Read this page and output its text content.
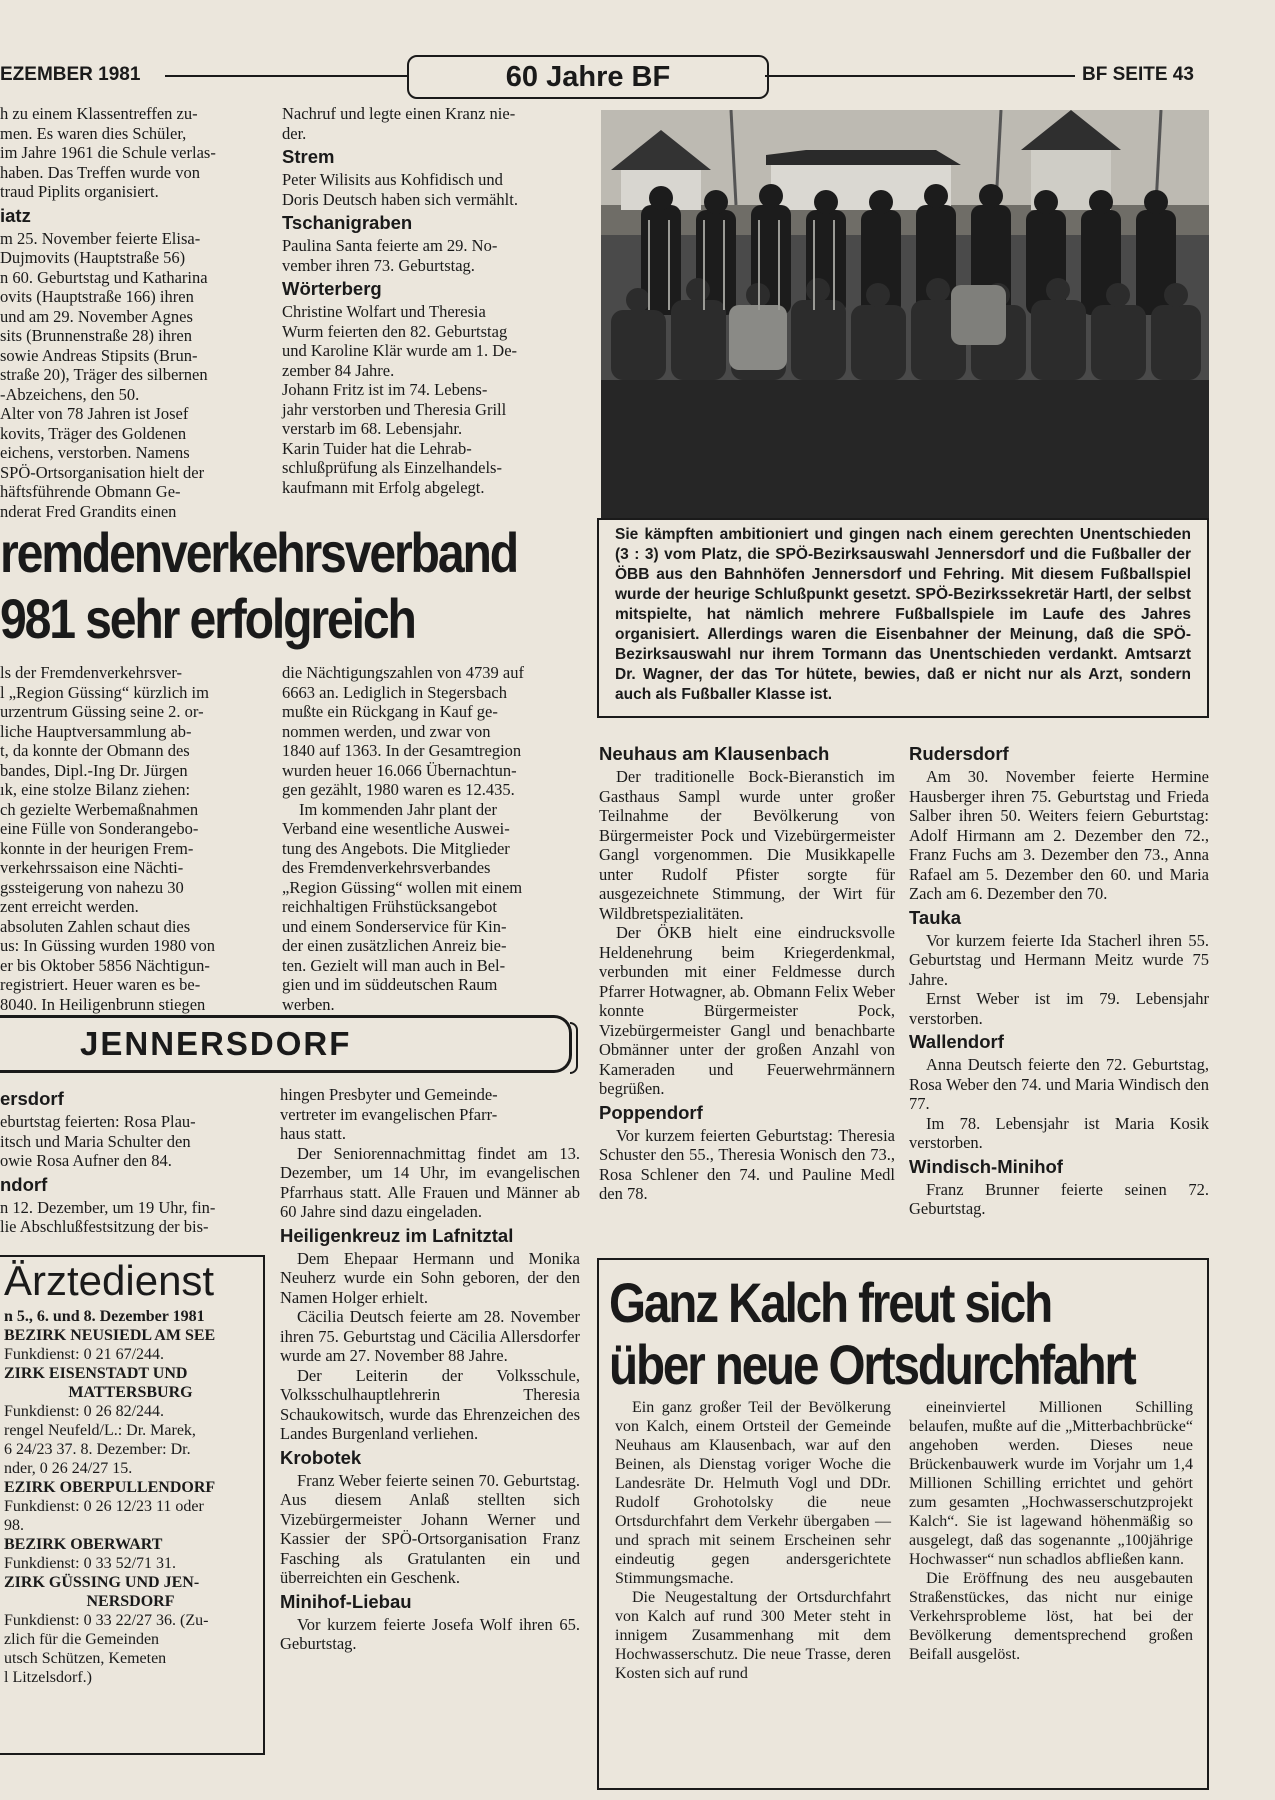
EZEMBER 1981	60 Jahre BF	BF SEITE 43

h zu einem Klassentreffen zu-

men. Es waren dies Schüler,

im Jahre 1961 die Schule verlas-

haben. Das Treffen wurde von

traud Piplits organisiert.

iatz

m 25. November feierte Elisa-

Dujmovits (Hauptstraße 56)

n 60. Geburtstag und Katharina

ovits (Hauptstraße 166) ihren

und am 29. November Agnes

sits (Brunnenstraße 28) ihren

sowie Andreas Stipsits (Brun-

straße 20), Träger des silbernen

-Abzeichens, den 50.

Alter von 78 Jahren ist Josef

kovits, Träger des Goldenen

eichens, verstorben. Namens

SPÖ-Ortsorganisation hielt der

häftsführende Obmann Ge-

nderat Fred Grandits einen

Nachruf und legte einen Kranz nie-

der.

Strem

Peter Wilisits aus Kohfidisch und

Doris Deutsch haben sich vermählt.

Tschanigraben

Paulina Santa feierte am 29. No-

vember ihren 73. Geburtstag.

Wörterberg

Christine Wolfart und Theresia

Wurm feierten den 82. Geburtstag

und Karoline Klär wurde am 1. De-

zember 84 Jahre.

Johann Fritz ist im 74. Lebens-

jahr verstorben und Theresia Grill

verstarb im 68. Lebensjahr.

Karin Tuider hat die Lehrab-

schlußprüfung als Einzelhandels-

kaufmann mit Erfolg abgelegt.

Sie kämpften ambitioniert und gingen nach einem gerechten Unentschieden (3 : 3) vom Platz, die SPÖ-Bezirksauswahl Jennersdorf und die Fußballer der ÖBB aus den Bahnhöfen Jennersdorf und Fehring. Mit diesem Fußballspiel wurde der heurige Schlußpunkt gesetzt. SPÖ-Bezirkssekretär Hartl, der selbst mitspielte, hat nämlich mehrere Fußballspiele im Laufe des Jahres organisiert. Allerdings waren die Eisenbahner der Meinung, daß die SPÖ-Bezirksauswahl nur ihrem Tormann das Unentschieden verdankt. Amtsarzt Dr. Wagner, der das Tor hütete, bewies, daß er nicht nur als Arzt, sondern auch als Fußballer Klasse ist.
remdenverkehrsverband
981 sehr erfolgreich

ls der Fremdenverkehrsver-

l „Region Güssing“ kürzlich im

urzentrum Güssing seine 2. or-

liche Hauptversammlung ab-

t, da konnte der Obmann des

bandes, Dipl.-Ing Dr. Jürgen

ık, eine stolze Bilanz ziehen:

ch gezielte Werbemaßnahmen

eine Fülle von Sonderangebo-

konnte in der heurigen Frem-

verkehrssaison eine Nächti-

gssteigerung von nahezu 30

zent erreicht werden.

absoluten Zahlen schaut dies

us: In Güssing wurden 1980 von

er bis Oktober 5856 Nächtigun-

registriert. Heuer waren es be-

8040. In Heiligenbrunn stiegen

die Nächtigungszahlen von 4739 auf

6663 an. Lediglich in Stegersbach

mußte ein Rückgang in Kauf ge-

nommen werden, und zwar von

1840 auf 1363. In der Gesamtregion

wurden heuer 16.066 Übernachtun-

gen gezählt, 1980 waren es 12.435.

Im kommenden Jahr plant der

Verband eine wesentliche Auswei-

tung des Angebots. Die Mitglieder

des Fremdenverkehrsverbandes

„Region Güssing“ wollen mit einem

reichhaltigen Frühstücksangebot

und einem Sonderservice für Kin-

der einen zusätzlichen Anreiz bie-

ten. Gezielt will man auch in Bel-

gien und im süddeutschen Raum

werben.

Neuhaus am Klausenbach

Der traditionelle Bock-Bieranstich im Gasthaus Sampl wurde unter großer Teilnahme der Bevölkerung von Bürgermeister Pock und Vizebürgermeister Gangl vorgenommen. Die Musikkapelle unter Rudolf Pfister sorgte für ausgezeichnete Stimmung, der Wirt für Wildbretspezialitäten.

Der ÖKB hielt eine eindrucksvolle Heldenehrung beim Kriegerdenkmal, verbunden mit einer Feldmesse durch Pfarrer Hotwagner, ab. Obmann Felix Weber konnte Bürgermeister Pock, Vizebürgermeister Gangl und benachbarte Obmänner unter der großen Anzahl von Kameraden und Feuerwehrmännern begrüßen.

Poppendorf

Vor kurzem feierten Geburtstag: Theresia Schuster den 55., Theresia Wonisch den 73., Rosa Schlener den 74. und Pauline Medl den 78.

Rudersdorf

Am 30. November feierte Hermine Hausberger ihren 75. Geburtstag und Frieda Salber ihren 50. Weiters feiern Geburtstag: Adolf Hirmann am 2. Dezember den 72., Franz Fuchs am 3. Dezember den 73., Anna Rafael am 5. Dezember den 60. und Maria Zach am 6. Dezember den 70.

Tauka

Vor kurzem feierte Ida Stacherl ihren 55. Geburtstag und Hermann Meitz wurde 75 Jahre.

Ernst Weber ist im 79. Lebensjahr verstorben.

Wallendorf

Anna Deutsch feierte den 72. Geburtstag, Rosa Weber den 74. und Maria Windisch den 77.

Im 78. Lebensjahr ist Maria Kosik verstorben.

Windisch-Minihof

Franz Brunner feierte seinen 72. Geburtstag.

JENNERSDORF

ersdorf

eburtstag feierten: Rosa Plau-

itsch und Maria Schulter den

owie Rosa Aufner den 84.

ndorf

n 12. Dezember, um 19 Uhr, fin-

lie Abschlußfestsitzung der bis-

Ärztedienst
n 5., 6. und 8. Dezember 1981
BEZIRK NEUSIEDL AM SEE
Funkdienst: 0 21 67/244.
ZIRK EISENSTADT UND
MATTERSBURG
Funkdienst: 0 26 82/244.
rengel Neufeld/L.: Dr. Marek,
6 24/23 37. 8. Dezember: Dr.
nder, 0 26 24/27 15.
EZIRK OBERPULLENDORF
Funkdienst: 0 26 12/23 11 oder
98.
BEZIRK OBERWART
Funkdienst: 0 33 52/71 31.
ZIRK GÜSSING UND JEN-
NERSDORF
Funkdienst: 0 33 22/27 36. (Zu-
zlich für die Gemeinden
utsch Schützen, Kemeten
l Litzelsdorf.)

hingen Presbyter und Gemeinde-

vertreter im evangelischen Pfarr-

haus statt.

Der Seniorennachmittag findet am 13. Dezember, um 14 Uhr, im evangelischen Pfarrhaus statt. Alle Frauen und Männer ab 60 Jahre sind dazu eingeladen.

Heiligenkreuz im Lafnitztal

Dem Ehepaar Hermann und Monika Neuherz wurde ein Sohn geboren, der den Namen Holger erhielt.

Cäcilia Deutsch feierte am 28. November ihren 75. Geburtstag und Cäcilia Allersdorfer wurde am 27. November 88 Jahre.

Der Leiterin der Volksschule, Volksschulhauptlehrerin Theresia Schaukowitsch, wurde das Ehrenzeichen des Landes Burgenland verliehen.

Krobotek

Franz Weber feierte seinen 70. Geburtstag. Aus diesem Anlaß stellten sich Vizebürgermeister Johann Werner und Kassier der SPÖ-Ortsorganisation Franz Fasching als Gratulanten ein und überreichten ein Geschenk.

Minihof-Liebau

Vor kurzem feierte Josefa Wolf ihren 65. Geburtstag.

Ganz Kalch freut sich
über neue Ortsdurchfahrt

Ein ganz großer Teil der Bevölkerung von Kalch, einem Ortsteil der Gemeinde Neuhaus am Klausenbach, war auf den Beinen, als Dienstag voriger Woche die Landesräte Dr. Helmuth Vogl und DDr. Rudolf Grohotolsky die neue Ortsdurchfahrt dem Verkehr übergaben — und sprach mit seinem Erscheinen sehr eindeutig gegen andersgerichtete Stimmungsmache.

Die Neugestaltung der Ortsdurchfahrt von Kalch auf rund 300 Meter steht in innigem Zusammenhang mit dem Hochwasserschutz. Die neue Trasse, deren Kosten sich auf rund

eineinviertel Millionen Schilling belaufen, mußte auf die „Mitterbachbrücke“ angehoben werden. Dieses neue Brückenbauwerk wurde im Vorjahr um 1,4 Millionen Schilling errichtet und gehört zum gesamten „Hochwasserschutzprojekt Kalch“. Sie ist lagewand höhenmäßig so ausgelegt, daß das sogenannte „100jährige Hochwasser“ nun schadlos abfließen kann.

Die Eröffnung des neu ausgebauten Straßenstückes, das nicht nur einige Verkehrsprobleme löst, hat bei der Bevölkerung dementsprechend großen Beifall ausgelöst.
